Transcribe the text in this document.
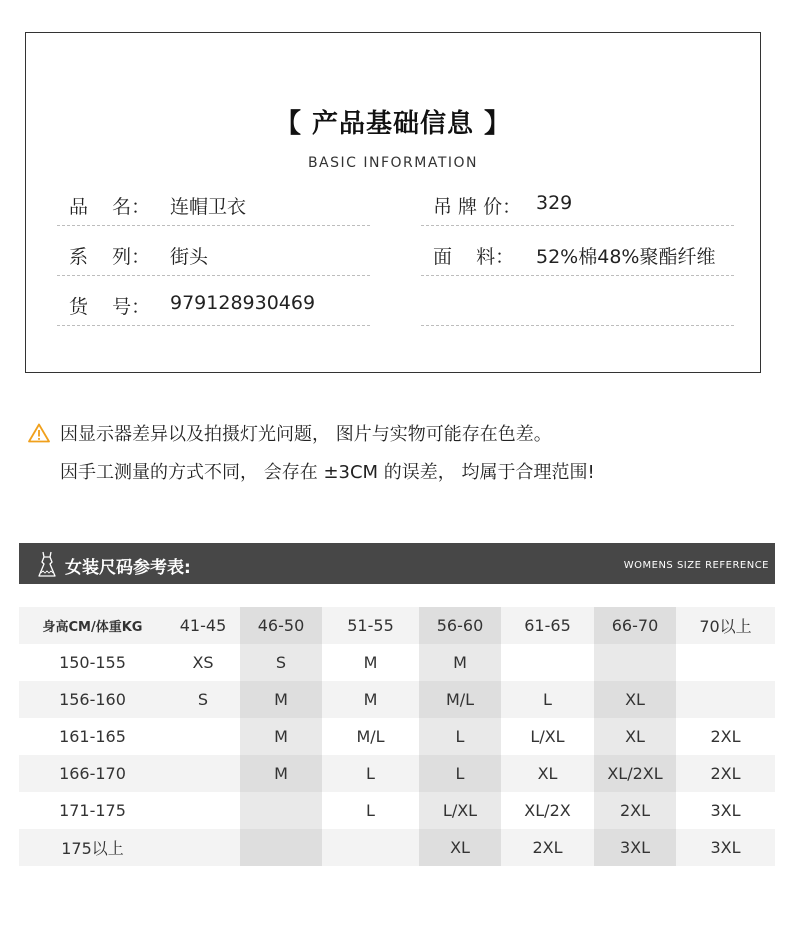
【 产品基础信息 】
BASIC INFORMATION
品    名： 连帽卫衣
系    列： 街头
货    号： 979128930469
吊 牌 价： 329
面    料： 52%棉48%聚酯纤维
因显示器差异以及拍摄灯光问题， 图片与实物可能存在色差。
因手工测量的方式不同， 会存在 ±3CM 的误差， 均属于合理范围!
女装尺码参考表:	WOMENS SIZE REFERENCE
身高CM/体重KG	41-45	46-50	51-55	56-60	61-65	66-70	70以上
150-155	XS	S	M	M			
156-160	S	M	M	M/L	L	XL	
161-165		M	M/L	L	L/XL	XL	2XL
166-170		M	L	L	XL	XL/2XL	2XL
171-175			L	L/XL	XL/2X	2XL	3XL
175以上				XL	2XL	3XL	3XL
